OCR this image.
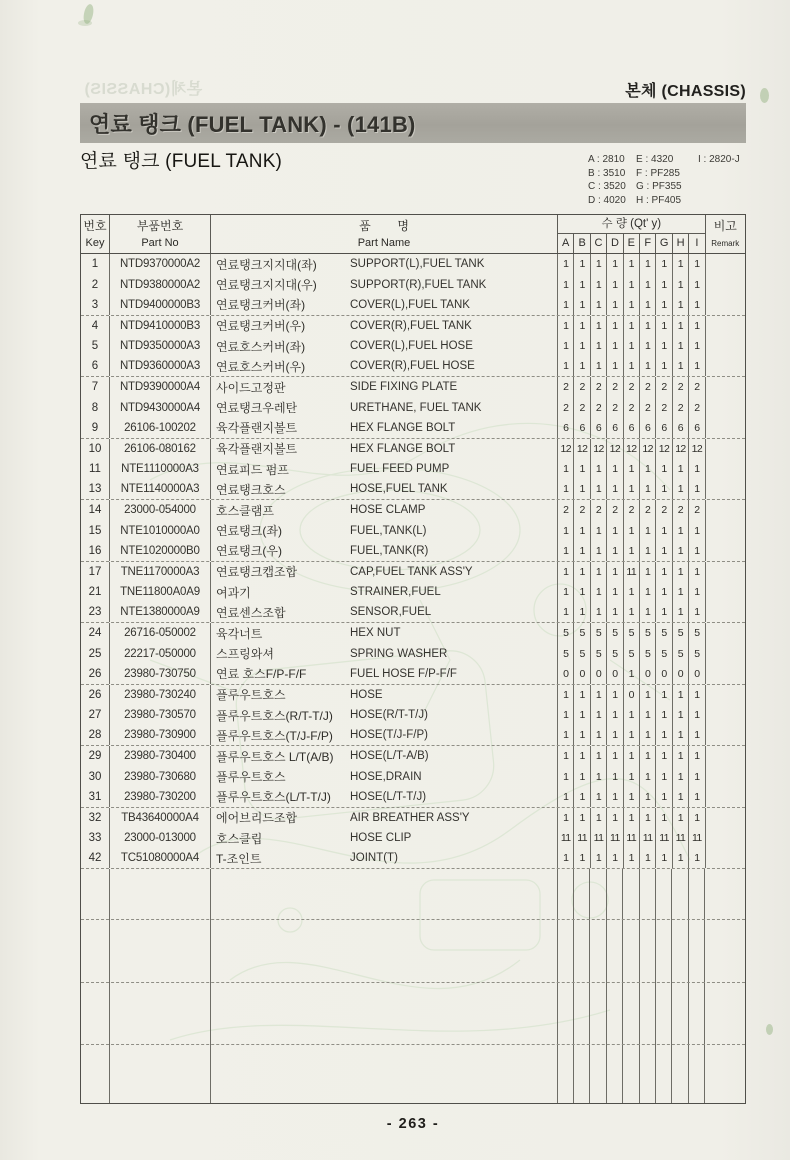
본체(CHASSIS)	본체 (CHASSIS)
연료 탱크 (FUEL TANK) - (141B)
연료 탱크 (FUEL TANK)	A : 2810	E : 4320	I : 2820-J
B : 3510	F : PF285
C : 3520	G : PF355
D : 4020	H : PF405
번호
Key
부품번호
Part No
품        명
Part Name
수 량 (Qt' y)
A B C D E F G H I
비고
Remark
1	NTD9370000A2	연료탱크지지대(좌)	SUPPORT(L),FUEL TANK	1	1	1	1	1	1	1	1	1
2	NTD9380000A2	연료탱크지지대(우)	SUPPORT(R),FUEL TANK	1	1	1	1	1	1	1	1	1
3	NTD9400000B3	연료탱크커버(좌)	COVER(L),FUEL TANK	1	1	1	1	1	1	1	1	1
4	NTD9410000B3	연료탱크커버(우)	COVER(R),FUEL TANK	1	1	1	1	1	1	1	1	1
5	NTD9350000A3	연료호스커버(좌)	COVER(L),FUEL HOSE	1	1	1	1	1	1	1	1	1
6	NTD9360000A3	연료호스커버(우)	COVER(R),FUEL HOSE	1	1	1	1	1	1	1	1	1
7	NTD9390000A4	사이드고정판	SIDE FIXING PLATE	2	2	2	2	2	2	2	2	2
8	NTD9430000A4	연료탱크우레탄	URETHANE, FUEL TANK	2	2	2	2	2	2	2	2	2
9	26106-100202	육각플랜지볼트	HEX FLANGE BOLT	6	6	6	6	6	6	6	6	6
10	26106-080162	육각플랜지볼트	HEX FLANGE BOLT	12 12 12 12 12 12 12 12 12
11	NTE1110000A3	연료피드 펌프	FUEL FEED PUMP	1	1	1	1	1	1	1	1	1
13	NTE1140000A3	연료탱크호스	HOSE,FUEL TANK	1	1	1	1	1	1	1	1	1
14	23000-054000	호스클램프	HOSE CLAMP	2	2	2	2	2	2	2	2	2
15	NTE1010000A0	연료탱크(좌)	FUEL,TANK(L)	1	1	1	1	1	1	1	1	1
16	NTE1020000B0	연료탱크(우)	FUEL,TANK(R)	1	1	1	1	1	1	1	1	1
17	TNE1170000A3	연료탱크캡조합	CAP,FUEL TANK ASS'Y	1	1	1	1 11 1	1	1	1
21	TNE11800A0A9	여과기	STRAINER,FUEL	1	1	1	1	1	1	1	1	1
23	NTE1380000A9	연료센스조합	SENSOR,FUEL	1	1	1	1	1	1	1	1	1
24	26716-050002	육각너트	HEX NUT	5	5	5	5	5	5	5	5	5
25	22217-050000	스프링와셔	SPRING WASHER	5	5	5	5	5	5	5	5	5
26	23980-730750	연료 호스F/P-F/F	FUEL HOSE F/P-F/F	0	0	0	0	1	0	0	0	0
26	23980-730240	플루우트호스	HOSE	1	1	1	1	0	1	1	1	1
27	23980-730570	플루우트호스(R/T-T/J) HOSE(R/T-T/J)	1	1	1	1	1	1	1	1	1
28	23980-730900	플루우트호스(T/J-F/P) HOSE(T/J-F/P)	1	1	1	1	1	1	1	1	1
29	23980-730400	플루우트호스 L/T(A/B) HOSE(L/T-A/B)	1	1	1	1	1	1	1	1	1
30	23980-730680	플루우트호스	HOSE,DRAIN	1	1	1	1	1	1	1	1	1
31	23980-730200	플루우트호스(L/T-T/J) HOSE(L/T-T/J)	1	1	1	1	1	1	1	1	1
32	TB43640000A4	에어브리드조합	AIR BREATHER ASS'Y	1	1	1	1	1	1	1	1	1
33	23000-013000	호스클립	HOSE CLIP	11 11 11 11 11 11 11 11 11
42	TC51080000A4	T-조인트	JOINT(T)	1	1	1	1	1	1	1	1	1
- 263 -
